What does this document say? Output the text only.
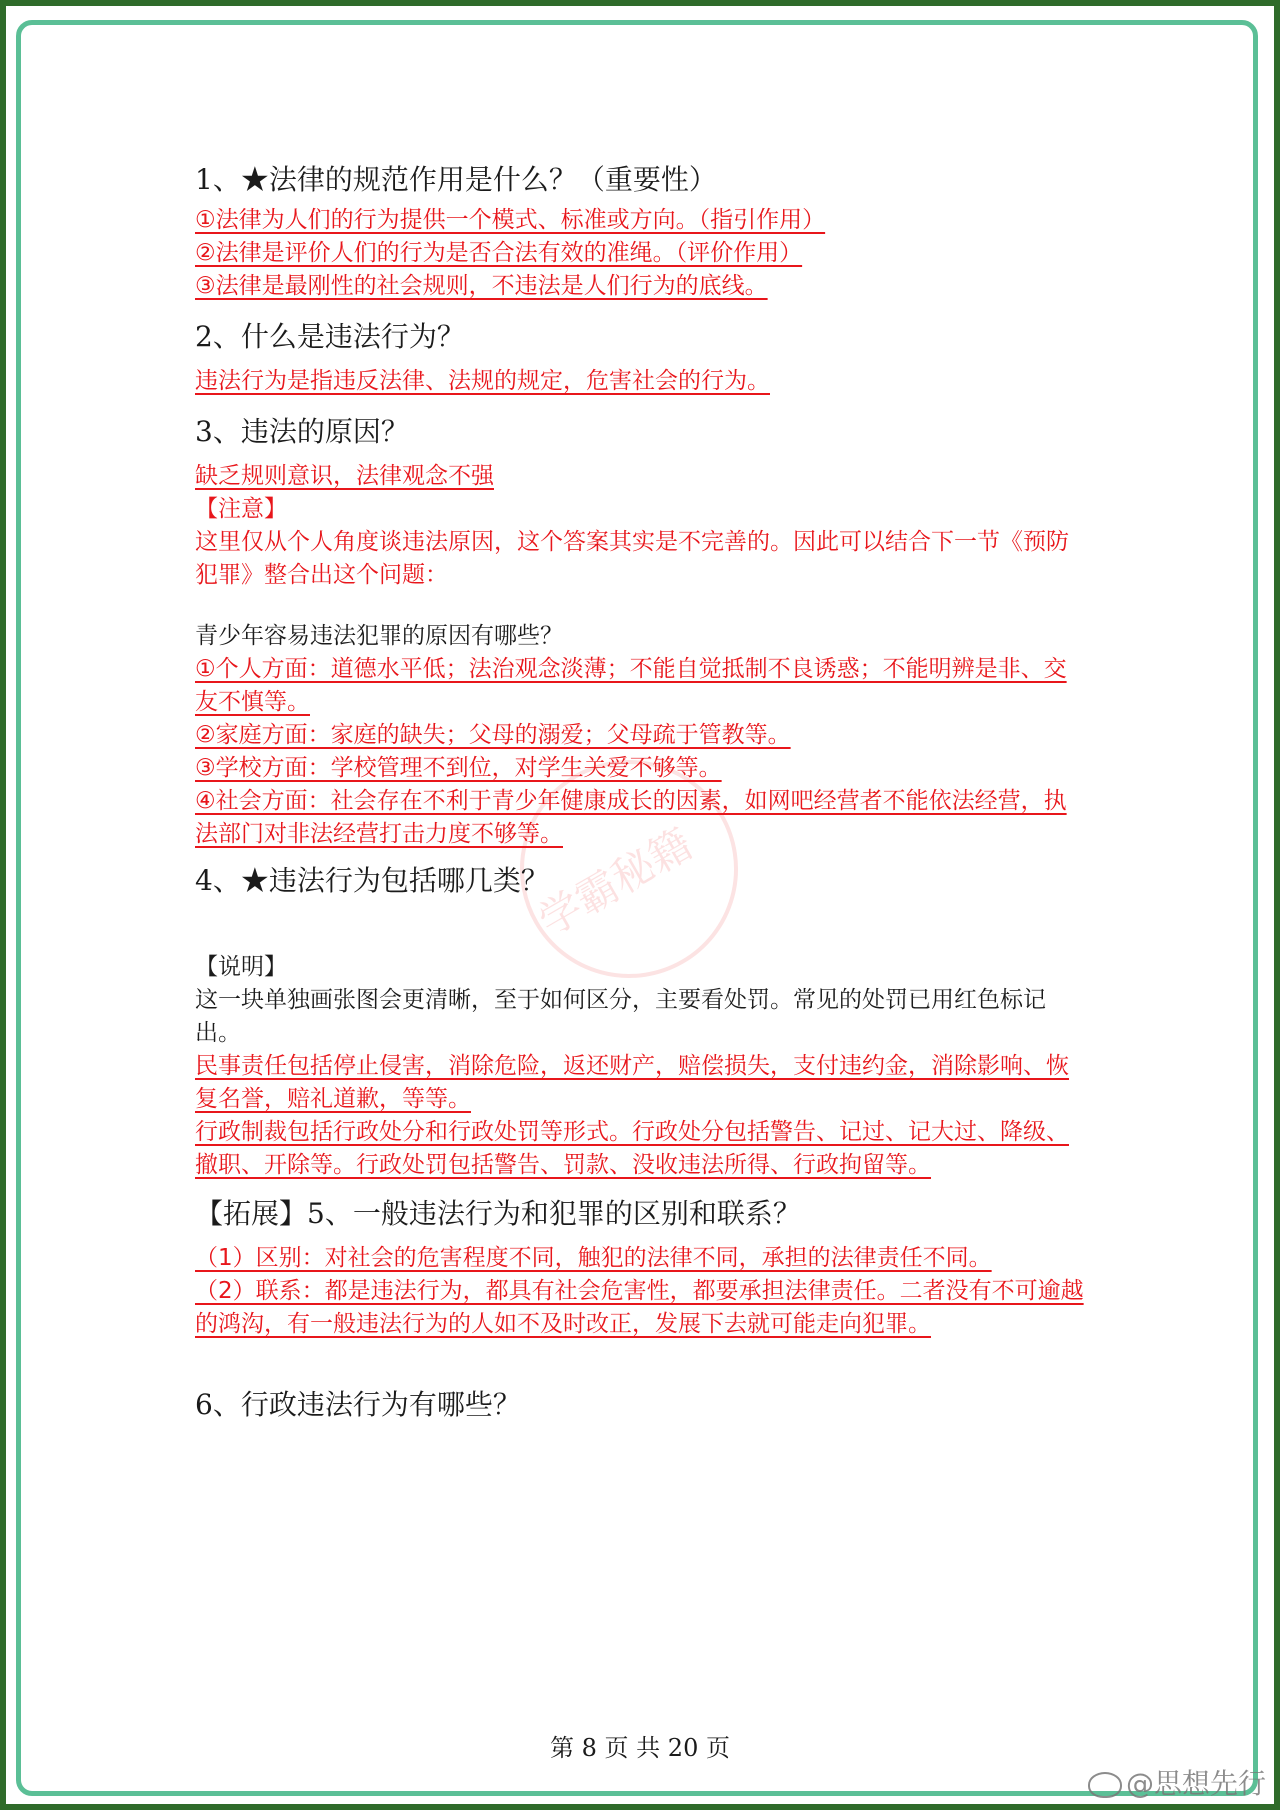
1、★法律的规范作用是什么？（重要性）

①法律为人们的行为提供一个模式、标准或方向。（指引作用）

②法律是评价人们的行为是否合法有效的准绳。（评价作用）

③法律是最刚性的社会规则，不违法是人们行为的底线。

2、什么是违法行为？

违法行为是指违反法律、法规的规定，危害社会的行为。

3、违法的原因？

缺乏规则意识，法律观念不强

【注意】

这里仅从个人角度谈违法原因，这个答案其实是不完善的。因此可以结合下一节《预防犯罪》整合出这个问题：

青少年容易违法犯罪的原因有哪些？

①个人方面：道德水平低；法治观念淡薄；不能自觉抵制不良诱惑；不能明辨是非、交友不慎等。

②家庭方面：家庭的缺失；父母的溺爱；父母疏于管教等。

③学校方面：学校管理不到位，对学生关爱不够等。

④社会方面：社会存在不利于青少年健康成长的因素，如网吧经营者不能依法经营，执法部门对非法经营打击力度不够等。

4、★违法行为包括哪几类？

【说明】

这一块单独画张图会更清晰，至于如何区分，主要看处罚。常见的处罚已用红色标记出。

民事责任包括停止侵害，消除危险，返还财产，赔偿损失，支付违约金，消除影响、恢复名誉，赔礼道歉，等等。

行政制裁包括行政处分和行政处罚等形式。行政处分包括警告、记过、记大过、降级、撤职、开除等。行政处罚包括警告、罚款、没收违法所得、行政拘留等。

【拓展】5、一般违法行为和犯罪的区别和联系？

（1）区别：对社会的危害程度不同，触犯的法律不同，承担的法律责任不同。

（2）联系：都是违法行为，都具有社会危害性，都要承担法律责任。二者没有不可逾越的鸿沟，有一般违法行为的人如不及时改正，发展下去就可能走向犯罪。

6、行政违法行为有哪些？

第 8 页 共 20 页
@思想先行
